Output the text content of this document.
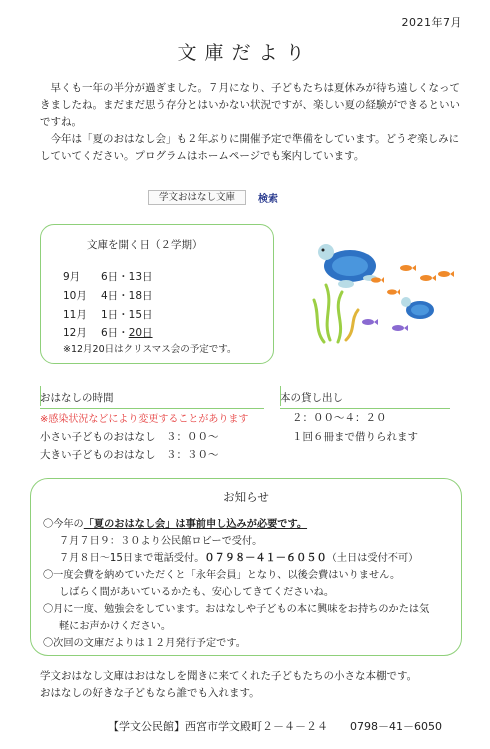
2021年7月
文庫だより

早くも一年の半分が過ぎました。７月になり、子どもたちは夏休みが待ち遠しくなってきましたね。まだまだ思う存分とはいかない状況ですが、楽しい夏の経験ができるといいですね。

今年は「夏のおはなし会」も２年ぶりに開催予定で準備をしています。どうぞ楽しみにしていてください。プログラムはホームページでも案内しています。

学文おはなし文庫	検索
文庫を開く日（２学期）
9月	6日・13日
10月	4日・18日
11月	1日・15日
12月	6日・ 20日
※12月20日はクリスマス会の予定です。
おはなしの時間
※感染状況などにより変更することがあります
小さい子どものおはなし　３：００～
大きい子どものおはなし　３：３０～
本の貸し出し
２：００～４：２０
１回６冊まで借りられます
お知らせ
〇今年の「夏のおはなし会」は事前申し込みが必要です。
７月７日９：３０より公民館ロビーで受付。
７月８日～15日まで電話受付。０７９８－４１－６０５０（土日は受付不可）
〇一度会費を納めていただくと「永年会員」となり、以後会費はいりません。
しばらく間があいているかたも、安心してきてくださいね。
〇月に一度、勉強会をしています。おはなしや子どもの本に興味をお持ちのかたは気
軽にお声かけください。
〇次回の文庫だよりは１２月発行予定です。
学文おはなし文庫はおはなしを聞きに来てくれた子どもたちの小さな本棚です。
おはなしの好きな子どもなら誰でも入れます。
【学文公民館】西宮市学文殿町２－４－２４　　0798－41－6050
